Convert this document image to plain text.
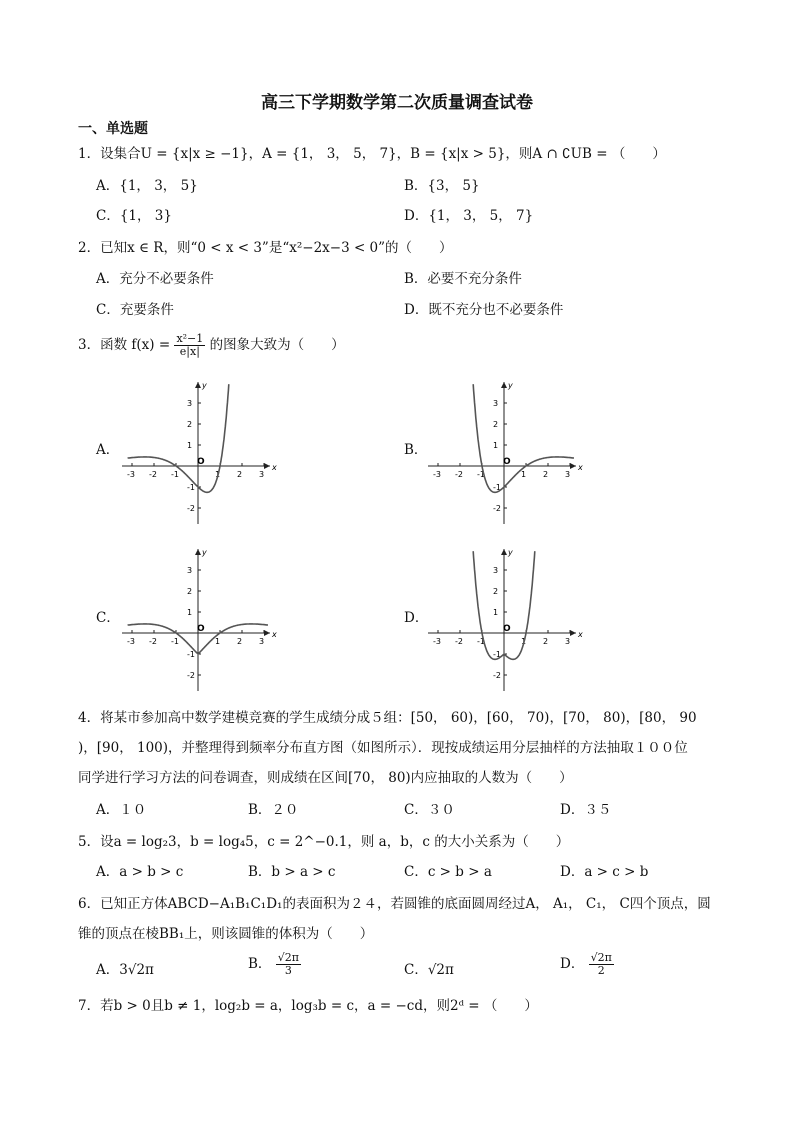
高三下学期数学第二次质量调查试卷
一、单选题
1．设集合U = {x|x ≥ −1}，A = {1， 3， 5， 7}，B = {x|x > 5}，则A ∩ ∁UB = （　　）
A．{1， 3， 5}	B．{3， 5}
C．{1， 3}	D．{1， 3， 5， 7}
2．已知x ∈ R，则“0 < x < 3”是“x²−2x−3 < 0”的（　　）
A．充分不必要条件	B．必要不充分条件
C．充要条件	D．既不充分也不必要条件
3．函数 $f(x) = \frac{\text{x²−1}}{e|x|}$ 的图象大致为（　　）
A．	B．
C．	D．
x
y
O
-3 -2 -1	1 2 3
3
2
1
-1
-2
x
y
O
-3 -2 -1	1 2 3
3
2
1
-1
-2
x
y
O
-3 -2 -1	1 2 3
3
2
1
-1
-2
x
y
O
-3 -2 -1	1 2 3
3
2
1
-1
-2
4．将某市参加高中数学建模竞赛的学生成绩分成５组：[50， 60)，[60， 70)，[70， 80)，[80， 90
)，[90， 100)，并整理得到频率分布直方图（如图所示）．现按成绩运用分层抽样的方法抽取１００位
同学进行学习方法的问卷调查，则成绩在区间[70， 80)内应抽取的人数为（　　）
A．１０	B．２０	C．３０	D．３５
5．设a = log₂3，b = log₄5，c = 2^−0.1，则 a，b，c 的大小关系为（　　）
A．a > b > c	B．b > a > c	C．c > b > a	D．a > c > b
6．已知正方体ABCD−A₁B₁C₁D₁的表面积为２４，若圆锥的底面圆周经过A， A₁， C₁， C四个顶点，圆
锥的顶点在棱BB₁上，则该圆锥的体积为（　　）
A．3√2π	B． $\frac{√2\pi}{3}$	C．√2π	D． $\frac{√2\pi}{2}$
7．若b > 0且b ≠ 1，log₂b = a，log₃b = c，a = −cd，则2ᵈ = （　　）
